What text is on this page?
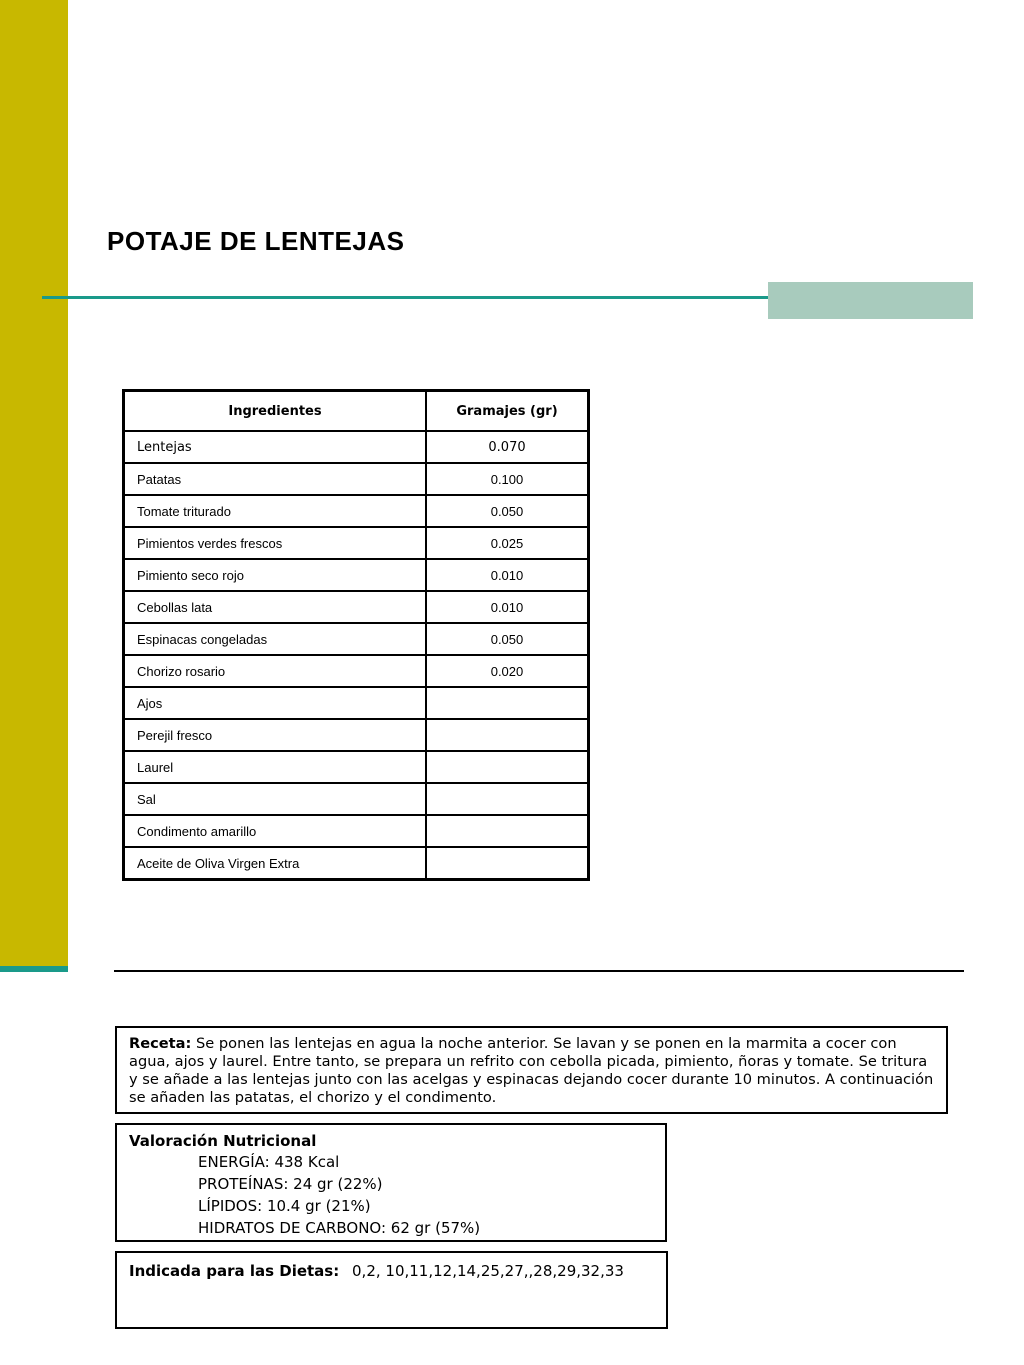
POTAJE DE LENTEJAS
Ingredientes	Gramajes (gr)
Lentejas	0.070
Patatas	0.100
Tomate triturado	0.050
Pimientos verdes frescos	0.025
Pimiento seco rojo	0.010
Cebollas lata	0.010
Espinacas congeladas	0.050
Chorizo rosario	0.020
Ajos	
Perejil fresco	
Laurel	
Sal	
Condimento amarillo	
Aceite de Oliva Virgen Extra	
Receta: Se ponen las lentejas en agua la noche anterior. Se lavan y se ponen en la marmita a cocer con agua, ajos y laurel. Entre tanto, se prepara un refrito con cebolla picada, pimiento, ñoras y tomate. Se tritura y se añade a las lentejas junto con las acelgas y espinacas dejando cocer durante 10 minutos. A continuación se añaden las patatas, el chorizo y el condimento.
Valoración Nutricional
ENERGÍA: 438 Kcal
PROTEÍNAS: 24 gr (22%)
LÍPIDOS: 10.4 gr (21%)
HIDRATOS DE CARBONO: 62 gr (57%)
Indicada para las Dietas: 0,2, 10,11,12,14,25,27,,28,29,32,33
